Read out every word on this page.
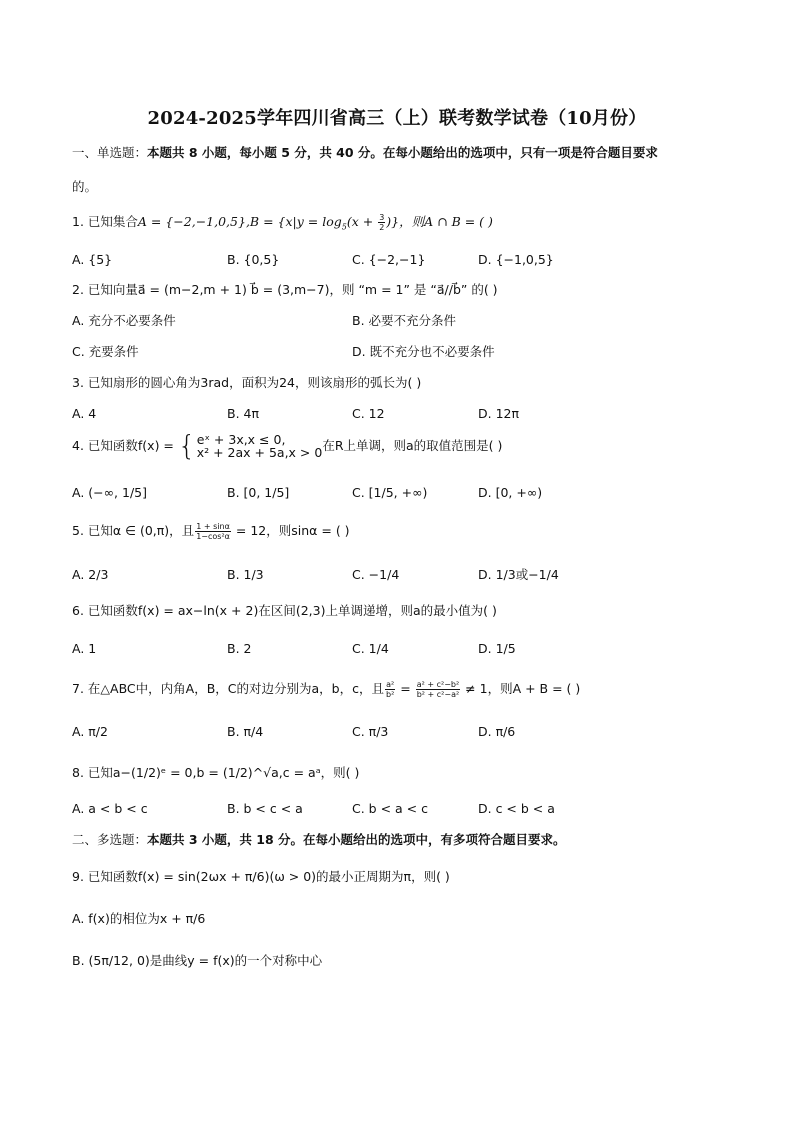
2024-2025学年四川省高三（上）联考数学试卷（10月份）
一、单选题：本题共 8 小题，每小题 5 分，共 40 分。在每小题给出的选项中，只有一项是符合题目要求
的。
1. 已知集合$A = \{-2,-1,0,5\},B = \{x|y = \log_5(x + \frac{3}{2}$ )}，则A ∩ B = ( )
A. {5}	B. {0,5}	C. {−2,−1}	D. {−1,0,5}
2. 已知向量a⃗ = (m−2,m + 1) b⃗ = (3,m−7)，则 “m = 1” 是 “a⃗//b⃗” 的( )
A. 充分不必要条件	B. 必要不充分条件
C. 充要条件	D. 既不充分也不必要条件
3. 已知扇形的圆心角为3rad，面积为24，则该扇形的弧长为( )
A. 4	B. 4π	C. 12	D. 12π
4. 已知函数f(x) = { eˣ + 3x,x ≤ 0,
x² + 2ax + 5a,x > 0 在R上单调，则a的取值范围是( )
A. (−∞, 1/5]	B. [0, 1/5]	C. [1/5, +∞)	D. [0, +∞)
5. 已知α ∈ (0,π)，且 $\frac{1 + \sin\alpha}{\text{1−cos²α}} = 12$，则sinα = ( )
A. 2/3	B. 1/3	C. −1/4	D. 1/3或−1/4
6. 已知函数f(x) = ax−ln(x + 2)在区间(2,3)上单调递增，则a的最小值为( )
A. 1	B. 2	C. 1/4	D. 1/5
7. 在△ABC中，内角A，B，C的对边分别为a，b，c，且 $\frac{\text{a²}}{\text{b²}} = \frac{\text{a² + c²−b²}}{\text{b² + c²−a²}} \ne 1$，则A + B = ( )
A. π/2	B. π/4	C. π/3	D. π/6
8. 已知a−(1/2)ᵉ = 0,b = (1/2)^√a,c = aᵃ，则( )
A. a < b < c	B. b < c < a	C. b < a < c	D. c < b < a
二、多选题：本题共 3 小题，共 18 分。在每小题给出的选项中，有多项符合题目要求。
9. 已知函数f(x) = sin(2ωx + π/6)(ω > 0)的最小正周期为π，则( )
A. f(x)的相位为x + π/6
B. (5π/12, 0)是曲线y = f(x)的一个对称中心
